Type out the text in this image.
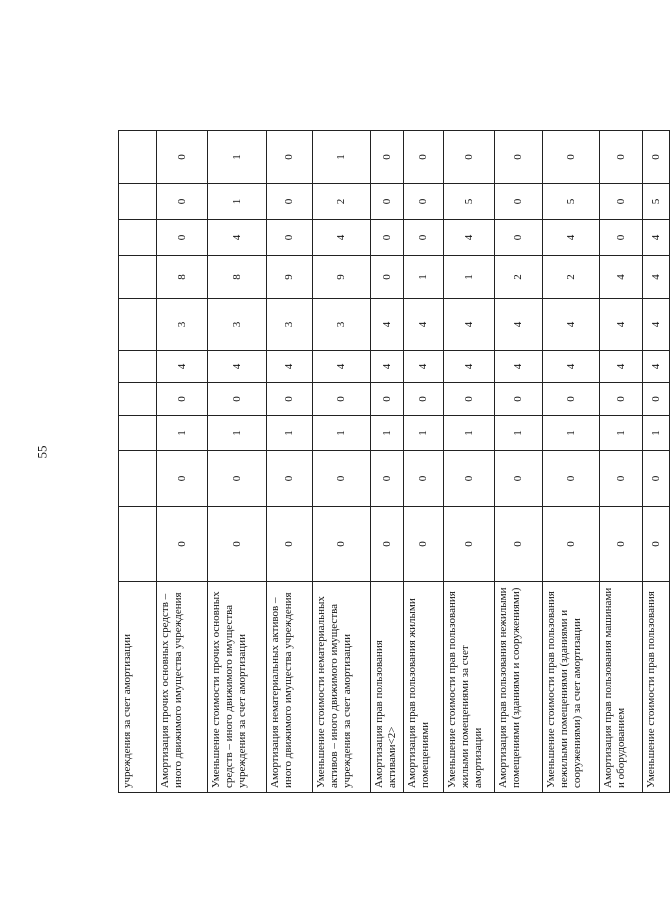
55
учреждения за счет амортизации										
Амортизация прочих основных средств – иного движимого имущества учреждения	0	0	1	0	4	3	8	0	0	0
Уменьшение стоимости прочих основных средств – иного движимого имущества учреждения за счет амортизации	0	0	1	0	4	3	8	4	1	1
Амортизация нематериальных активов – иного движимого имущества учреждения	0	0	1	0	4	3	9	0	0	0
Уменьшение стоимости нематериальных активов – иного движимого имущества учреждения за счет амортизации	0	0	1	0	4	3	9	4	2	1
Амортизация прав пользования активами<2>	0	0	1	0	4	4	0	0	0	0
Амортизация прав пользования жилыми помещениями	0	0	1	0	4	4	1	0	0	0
Уменьшение стоимости прав пользования жилыми помещениями за счет амортизации	0	0	1	0	4	4	1	4	5	0
Амортизация прав пользования нежилыми помещениями (зданиями и сооружениями)	0	0	1	0	4	4	2	0	0	0
Уменьшение стоимости прав пользования нежилыми помещениями (зданиями и сооружениями) за счет амортизации	0	0	1	0	4	4	2	4	5	0
Амортизация прав пользования машинами и оборудованием	0	0	1	0	4	4	4	0	0	0
Уменьшение стоимости прав пользования	0	0	1	0	4	4	4	4	5	0
